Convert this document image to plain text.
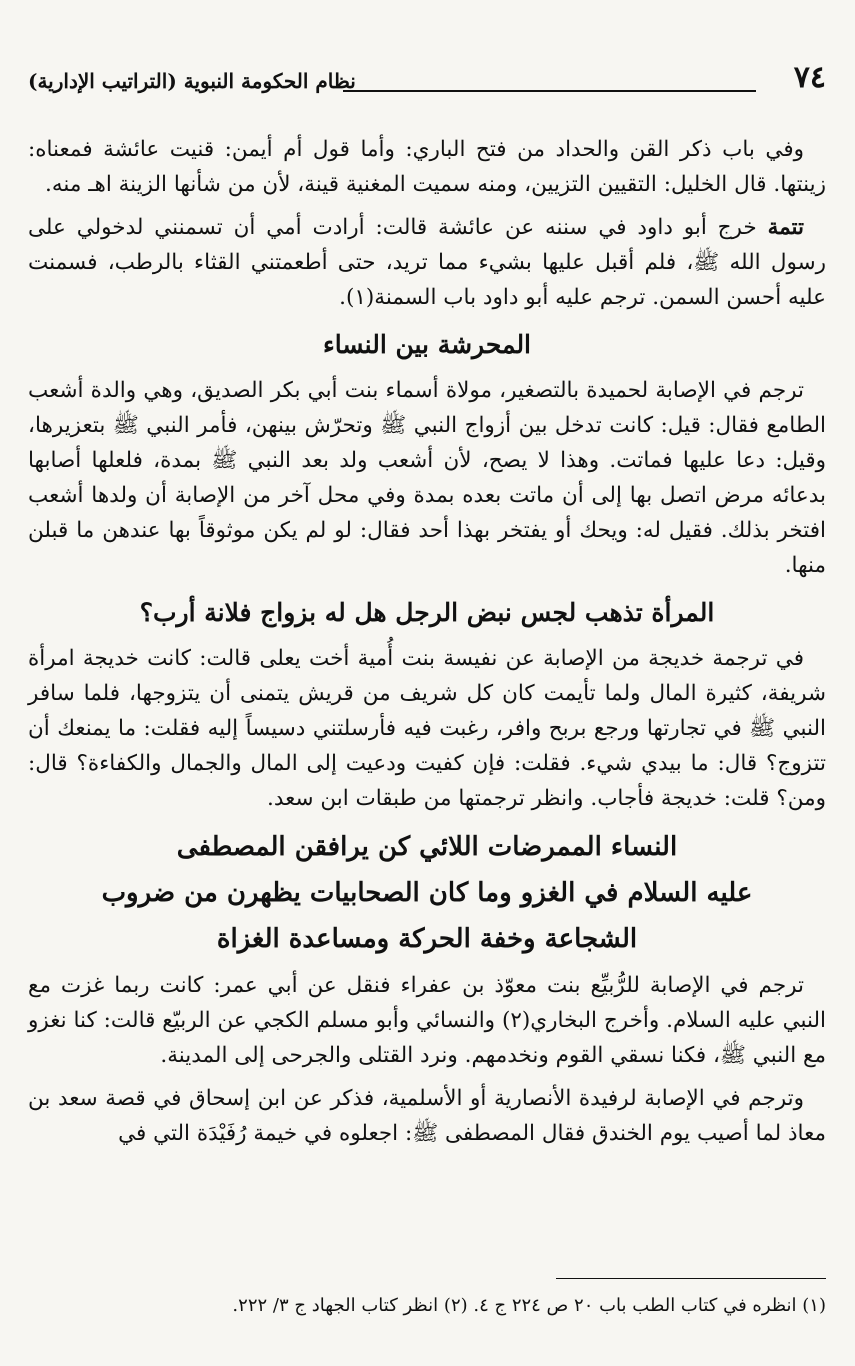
٧٤
نظام الحكومة النبوية (التراتيب الإدارية)

وفي باب ذكر القن والحداد من فتح الباري: وأما قول أم أيمن: قنيت عائشة فمعناه: زينتها. قال الخليل: التقيين التزيين، ومنه سميت المغنية قينة، لأن من شأنها الزينة اهـ منه.

تتمة خرج أبو داود في سننه عن عائشة قالت: أرادت أمي أن تسمنني لدخولي على رسول الله ﷺ، فلم أقبل عليها بشيء مما تريد، حتى أطعمتني القثاء بالرطب، فسمنت عليه أحسن السمن. ترجم عليه أبو داود باب السمنة(١).

المحرشة بين النساء

ترجم في الإصابة لحميدة بالتصغير، مولاة أسماء بنت أبي بكر الصديق، وهي والدة أشعب الطامع فقال: قيل: كانت تدخل بين أزواج النبي ﷺ وتحرّش بينهن، فأمر النبي ﷺ بتعزيرها، وقيل: دعا عليها فماتت. وهذا لا يصح، لأن أشعب ولد بعد النبي ﷺ بمدة، فلعلها أصابها بدعائه مرض اتصل بها إلى أن ماتت بعده بمدة وفي محل آخر من الإصابة أن ولدها أشعب افتخر بذلك. فقيل له: ويحك أو يفتخر بهذا أحد فقال: لو لم يكن موثوقاً بها عندهن ما قبلن منها.

المرأة تذهب لجس نبض الرجل هل له بزواج فلانة أرب؟

في ترجمة خديجة من الإصابة عن نفيسة بنت أُمية أخت يعلى قالت: كانت خديجة امرأة شريفة، كثيرة المال ولما تأيمت كان كل شريف من قريش يتمنى أن يتزوجها، فلما سافر النبي ﷺ في تجارتها ورجع بربح وافر، رغبت فيه فأرسلتني دسيساً إليه فقلت: ما يمنعك أن تتزوج؟ قال: ما بيدي شيء. فقلت: فإن كفيت ودعيت إلى المال والجمال والكفاءة؟ قال: ومن؟ قلت: خديجة فأجاب. وانظر ترجمتها من طبقات ابن سعد.

النساء الممرضات اللائي كن يرافقن المصطفى
عليه السلام في الغزو وما كان الصحابيات يظهرن من ضروب
الشجاعة وخفة الحركة ومساعدة الغزاة

ترجم في الإصابة للرُّبيِّع بنت معوّذ بن عفراء فنقل عن أبي عمر: كانت ربما غزت مع النبي عليه السلام. وأخرج البخاري(٢) والنسائي وأبو مسلم الكجي عن الربيّع قالت: كنا نغزو مع النبي ﷺ، فكنا نسقي القوم ونخدمهم. ونرد القتلى والجرحى إلى المدينة.

وترجم في الإصابة لرفيدة الأنصارية أو الأسلمية، فذكر عن ابن إسحاق في قصة سعد بن معاذ لما أصيب يوم الخندق فقال المصطفى ﷺ: اجعلوه في خيمة رُفَيْدَة التي في

(١) انظره في كتاب الطب باب ٢٠ ص ٢٢٤ ج ٤. (٢) انظر كتاب الجهاد ج ٣/ ٢٢٢.
